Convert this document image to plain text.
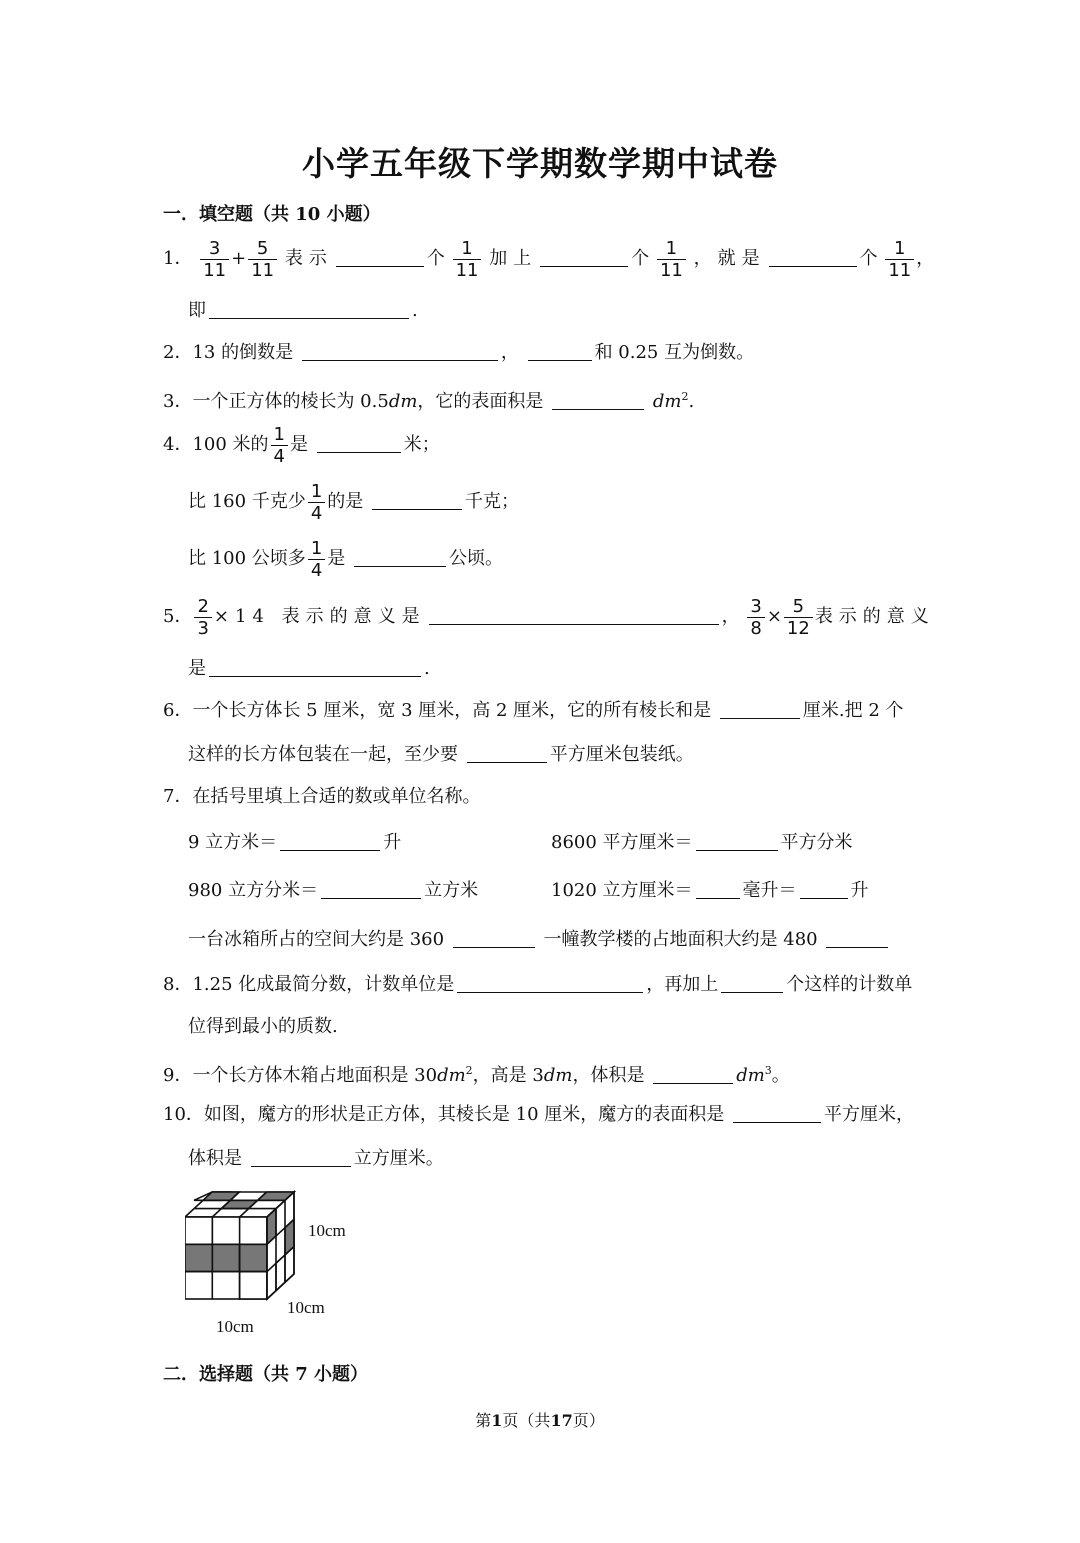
小学五年级下学期数学期中试卷
一．填空题（共 10 小题）
1． $\frac{3}{11} + \frac{5}{11}$ 表示	个 $\frac{1}{11}$ 加上	个 $\frac{1}{11}$ ，就是	个 $\frac{1}{11}$ ，
即	.
2．13 的倒数是	，	和 0.25 互为倒数。
3．一个正方体的棱长为 0.5dm，它的表面积是	$dm^2$.
4．100 米的 $\frac{1}{4}$ 是	米；
比 160 千克少 $\frac{1}{4}$ 的是	千克；
比 100 公顷多 $\frac{1}{4}$ 是	公顷。
5． $\frac{2}{3} \times 14$ 表示的意义是	， $\frac{3}{8} \times \frac{5}{12}$ 表示的意义
是	.
6．一个长方体长 5 厘米，宽 3 厘米，高 2 厘米，它的所有棱长和是	厘米.把 2 个
这样的长方体包装在一起，至少要	平方厘米包装纸。
7．在括号里填上合适的数或单位名称。
9 立方米＝	升	8600 平方厘米＝	平方分米
980 立方分米＝	立方米	1020 立方厘米＝	毫升＝	升
一台冰箱所占的空间大约是 360	一幢教学楼的占地面积大约是 480
8．1.25 化成最简分数，计数单位是	，再加上	个这样的计数单
位得到最小的质数.
9．一个长方体木箱占地面积是 $30dm^2$，高是 3dm，体积是	$dm^3$。
10．如图，魔方的形状是正方体，其棱长是 10 厘米，魔方的表面积是	平方厘米，
体积是	立方厘米。
10cm
10cm
10cm
二．选择题（共 7 小题）
第1页（共17页）
